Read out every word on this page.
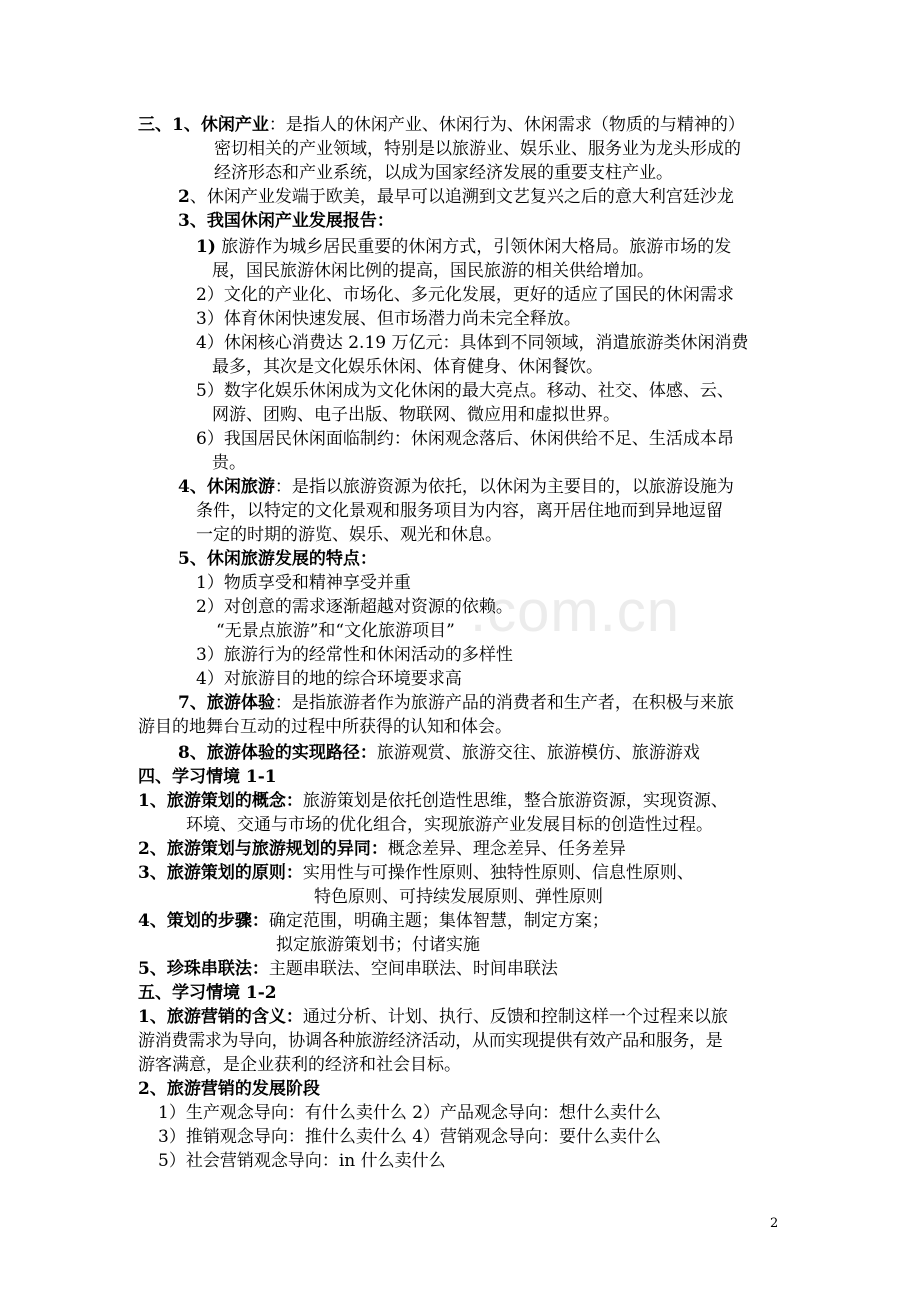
.com.cn
三、1、休闲产业：是指人的休闲产业、休闲行为、休闲需求（物质的与精神的）
密切相关的产业领域，特别是以旅游业、娱乐业、服务业为龙头形成的
经济形态和产业系统，以成为国家经济发展的重要支柱产业。
2、休闲产业发端于欧美，最早可以追溯到文艺复兴之后的意大利宫廷沙龙
3、我国休闲产业发展报告：
1) 旅游作为城乡居民重要的休闲方式，引领休闲大格局。旅游市场的发
展，国民旅游休闲比例的提高，国民旅游的相关供给增加。
2）文化的产业化、市场化、多元化发展，更好的适应了国民的休闲需求
3）体育休闲快速发展、但市场潜力尚未完全释放。
4）休闲核心消费达 2.19 万亿元：具体到不同领域，消遣旅游类休闲消费
最多，其次是文化娱乐休闲、体育健身、休闲餐饮。
5）数字化娱乐休闲成为文化休闲的最大亮点。移动、社交、体感、云、
网游、团购、电子出版、物联网、微应用和虚拟世界。
6）我国居民休闲面临制约：休闲观念落后、休闲供给不足、生活成本昂
贵。
4、休闲旅游：是指以旅游资源为依托，以休闲为主要目的，以旅游设施为
条件，以特定的文化景观和服务项目为内容，离开居住地而到异地逗留
一定的时期的游览、娱乐、观光和休息。
5、休闲旅游发展的特点：
1）物质享受和精神享受并重
2）对创意的需求逐渐超越对资源的依赖。
“无景点旅游”和“文化旅游项目”
3）旅游行为的经常性和休闲活动的多样性
4）对旅游目的地的综合环境要求高
7、旅游体验：是指旅游者作为旅游产品的消费者和生产者，在积极与来旅
游目的地舞台互动的过程中所获得的认知和体会。
8、旅游体验的实现路径：旅游观赏、旅游交往、旅游模仿、旅游游戏
四、学习情境 1-1
1、旅游策划的概念：旅游策划是依托创造性思维，整合旅游资源，实现资源、
环境、交通与市场的优化组合，实现旅游产业发展目标的创造性过程。
2、旅游策划与旅游规划的异同：概念差异、理念差异、任务差异
3、旅游策划的原则：实用性与可操作性原则、独特性原则、信息性原则、
特色原则、可持续发展原则、弹性原则
4、策划的步骤：确定范围，明确主题；集体智慧，制定方案；
拟定旅游策划书；付诸实施
5、珍珠串联法：主题串联法、空间串联法、时间串联法
五、学习情境 1-2
1、旅游营销的含义：通过分析、计划、执行、反馈和控制这样一个过程来以旅
游消费需求为导向，协调各种旅游经济活动，从而实现提供有效产品和服务，是
游客满意，是企业获利的经济和社会目标。
2、旅游营销的发展阶段
1）生产观念导向：有什么卖什么 2）产品观念导向：想什么卖什么
3）推销观念导向：推什么卖什么 4）营销观念导向：要什么卖什么
5）社会营销观念导向：in 什么卖什么
2
